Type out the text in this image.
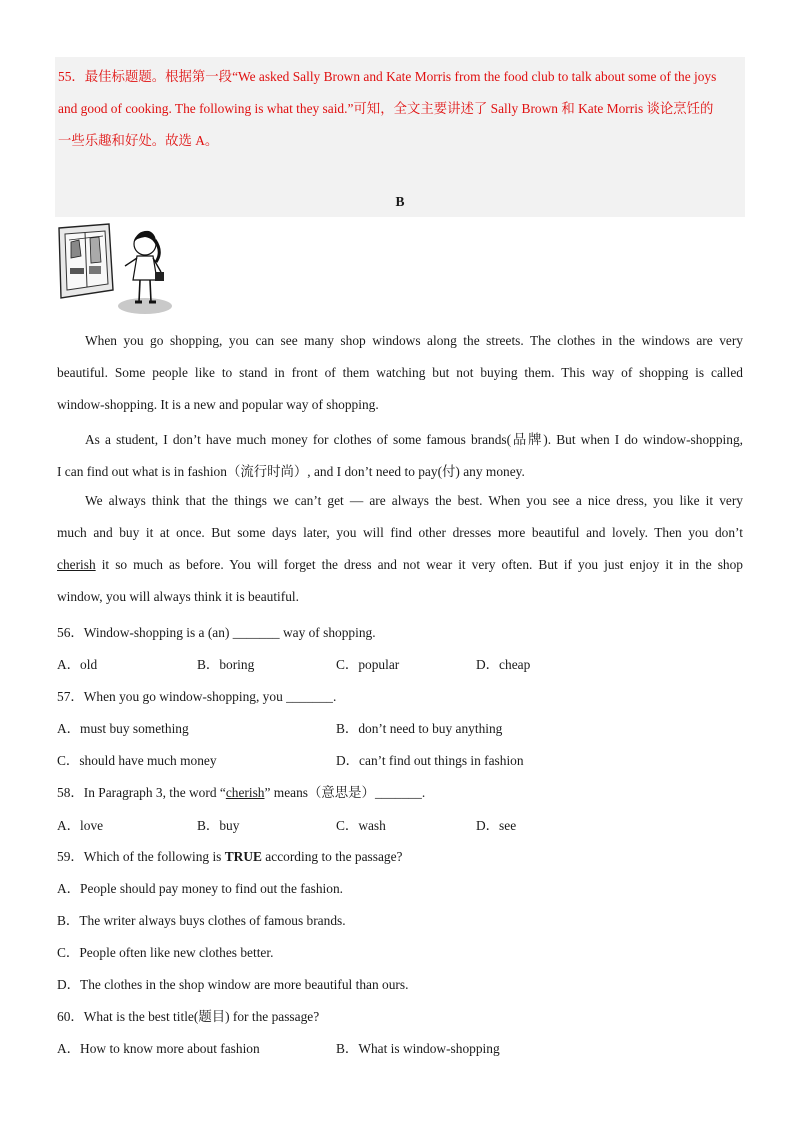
55．最佳标题题。根据第一段“We asked Sally Brown and Kate Morris from the food club to talk about some of the joys
and good of cooking. The following is what they said.”可知，全文主要讲述了 Sally Brown 和 Kate Morris 谈论烹饪的
一些乐趣和好处。故选 A。
B
When you go shopping, you can see many shop windows along the streets. The clothes in the windows are very
beautiful. Some people like to stand in front of them watching but not buying them. This way of shopping is called
window-shopping. It is a new and popular way of shopping.
As a student, I don’t have much money for clothes of some famous brands(品牌). But when I do window-shopping,
I can find out what is in fashion（流行时尚）, and I don’t need to pay(付) any money.
We always think that the things we can’t get — are always the best. When you see a nice dress, you like it very
much and buy it at once. But some days later, you will find other dresses more beautiful and lovely. Then you don’t
cherish it so much as before. You will forget the dress and not wear it very often. But if you just enjoy it in the shop
window, you will always think it is beautiful.
56．Window-shopping is a (an) _______ way of shopping.
A．old	B．boring	C．popular	D．cheap
57．When you go window-shopping, you _______.
A．must buy something	B．don’t need to buy anything
C．should have much money	D．can’t find out things in fashion
58．In Paragraph 3, the word “cherish” means（意思是）_______.
A．love	B．buy	C．wash	D．see
59．Which of the following is TRUE according to the passage?
A．People should pay money to find out the fashion.
B．The writer always buys clothes of famous brands.
C．People often like new clothes better.
D．The clothes in the shop window are more beautiful than ours.
60．What is the best title(题目) for the passage?
A．How to know more about fashion	B．What is window-shopping
